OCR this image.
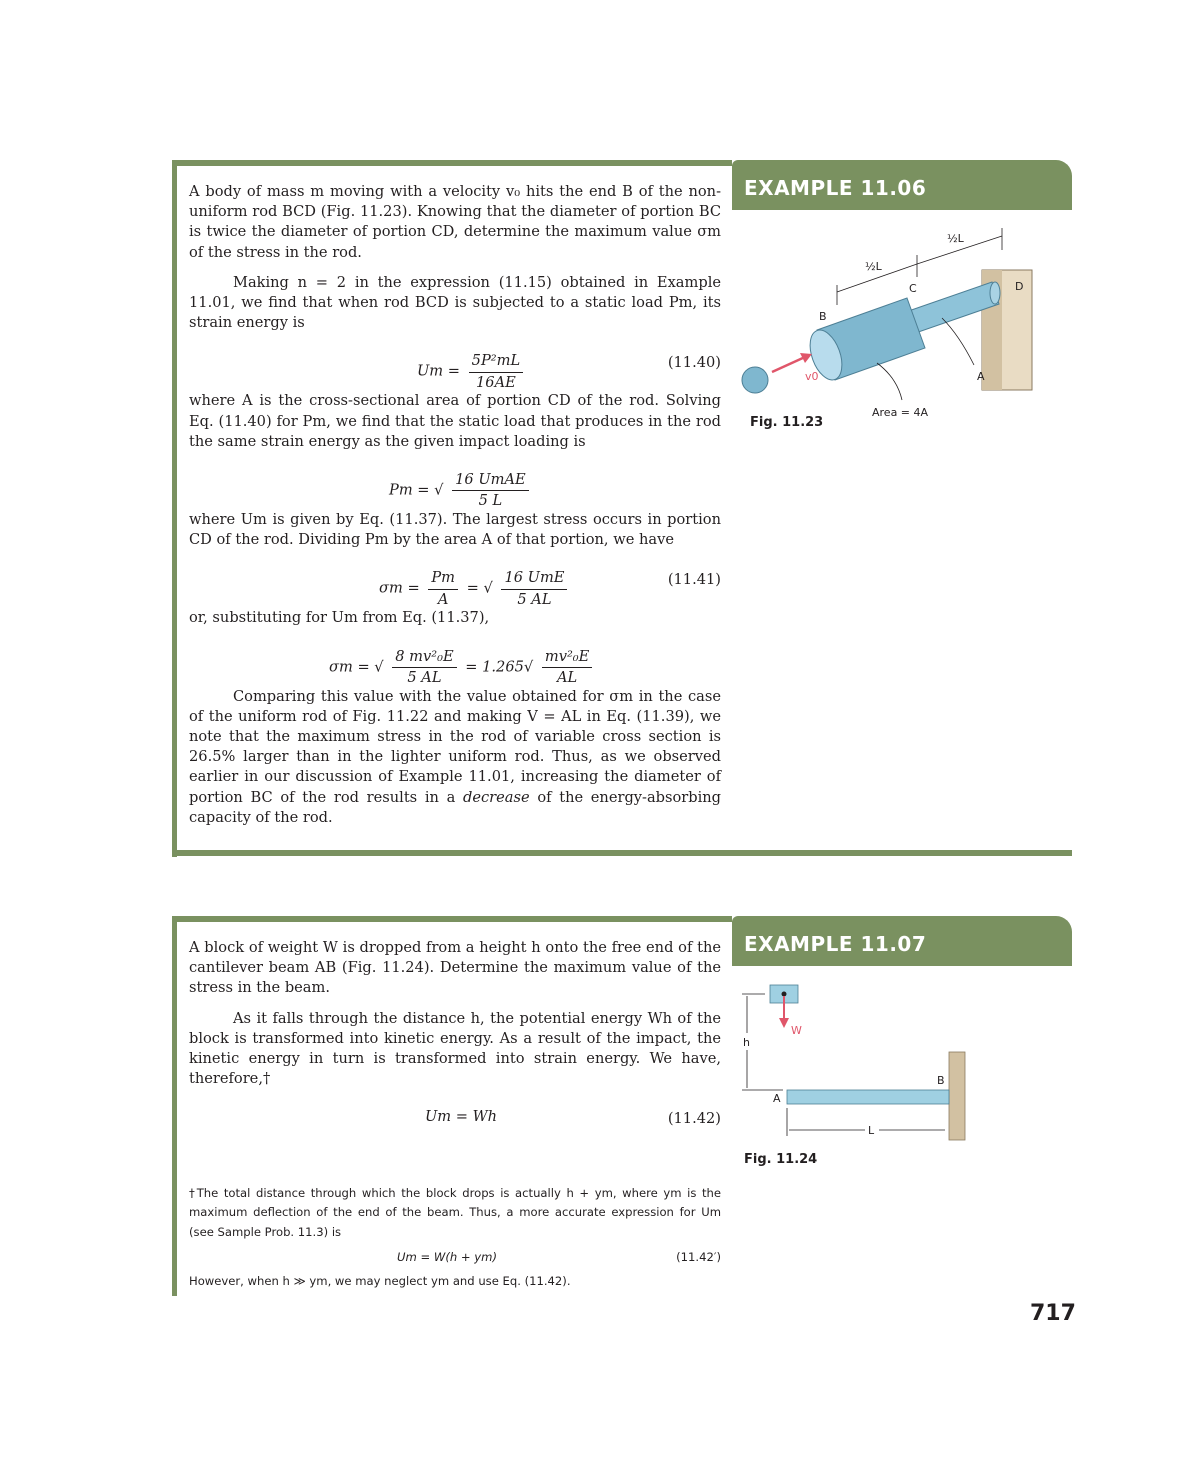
EXAMPLE 11.06

A body of mass m moving with a velocity v₀ hits the end B of the non-uniform rod BCD (Fig. 11.23). Knowing that the diameter of portion BC is twice the diameter of portion CD, determine the maximum value σm of the stress in the rod.

Making n = 2 in the expression (11.15) obtained in Example 11.01, we find that when rod BCD is subjected to a static load Pm, its strain energy is

$Um = \frac{\text{5P²mL}}{16AE}$	(11.40)

where A is the cross-sectional area of portion CD of the rod. Solving Eq. (11.40) for Pm, we find that the static load that produces in the rod the same strain energy as the given impact loading is

Pm = √ $\frac{\text{16 UmAE}}{5 L}$

where Um is given by Eq. (11.37). The largest stress occurs in portion CD of the rod. Dividing Pm by the area A of that portion, we have

$\sigma m = \frac{Pm}{A}$ = √ $\frac{\text{16 UmE}}{5 AL}$	(11.41)

or, substituting for Um from Eq. (11.37),

σm = √ $\frac{\text{8 mv²₀E}}{5 AL} = 1.265√ \frac{\text{mv²₀E}}{AL}$

Comparing this value with the value obtained for σm in the case of the uniform rod of Fig. 11.22 and making V = AL in Eq. (11.39), we note that the maximum stress in the rod of variable cross section is 26.5% larger than in the lighter uniform rod. Thus, as we observed earlier in our discussion of Example 11.01, increasing the diameter of portion BC of the rod results in a decrease of the energy-absorbing capacity of the rod.

v0
½L
½L
B
C	D
A
Area = 4A
Fig. 11.23
EXAMPLE 11.07

A block of weight W is dropped from a height h onto the free end of the cantilever beam AB (Fig. 11.24). Determine the maximum value of the stress in the beam.

As it falls through the distance h, the potential energy Wh of the block is transformed into kinetic energy. As a result of the impact, the kinetic energy in turn is transformed into strain energy. We have, therefore,†

Um = Wh	(11.42)
†The total distance through which the block drops is actually h + ym, where ym is the maximum deflection of the end of the beam. Thus, a more accurate expression for Um (see Sample Prob. 11.3) is
Um = W(h + ym)	(11.42′)
However, when h ≫ ym, we may neglect ym and use Eq. (11.42).
W
h
A
B
L
Fig. 11.24
717
